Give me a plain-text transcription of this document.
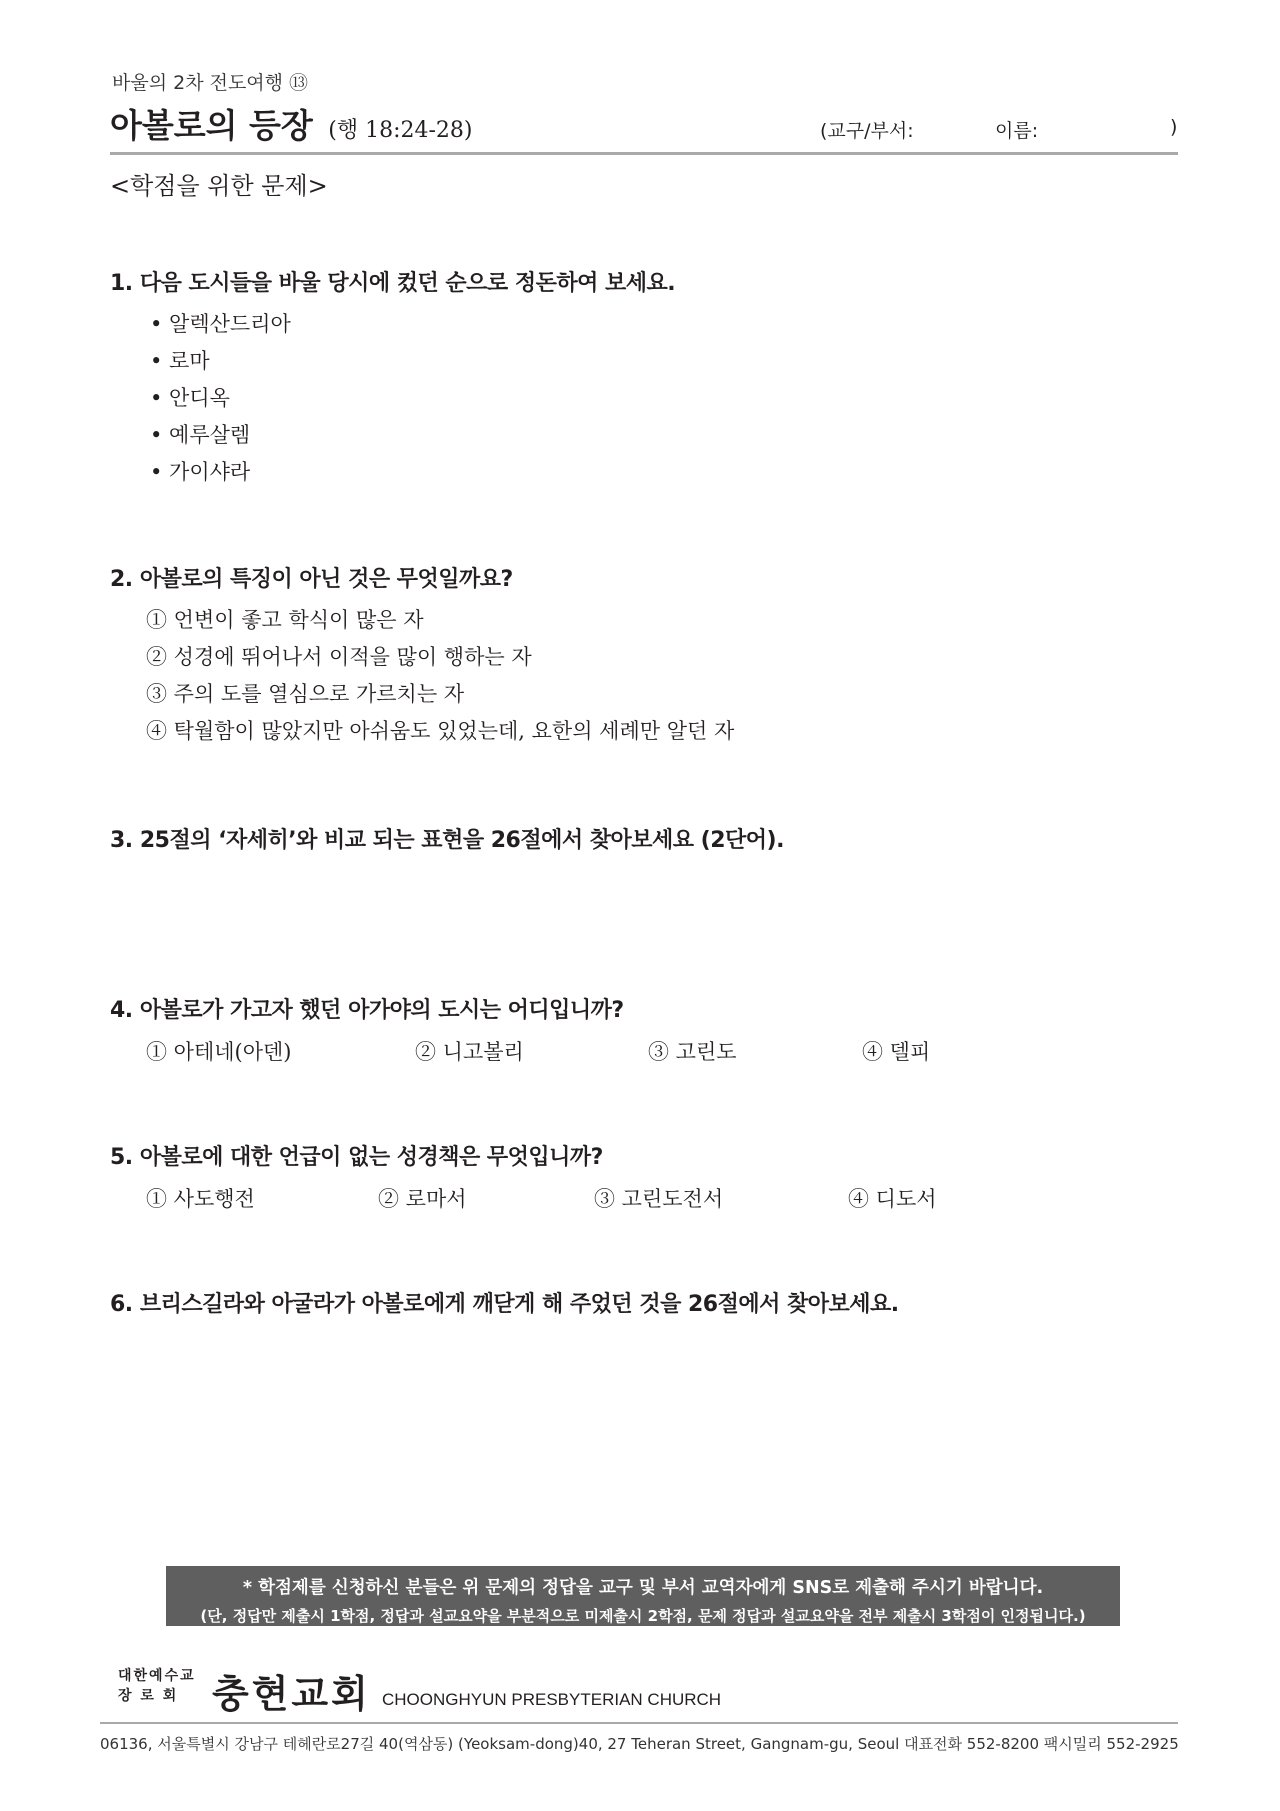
바울의 2차 전도여행 ⑬
아볼로의 등장 (행 18:24-28)	(교구/부서:	이름:	)
<학점을 위한 문제>
1. 다음 도시들을 바울 당시에 컸던 순으로 정돈하여 보세요.
• 알렉산드리아
• 로마
• 안디옥
• 예루살렘
• 가이샤라
2. 아볼로의 특징이 아닌 것은 무엇일까요?
① 언변이 좋고 학식이 많은 자
② 성경에 뛰어나서 이적을 많이 행하는 자
③ 주의 도를 열심으로 가르치는 자
④ 탁월함이 많았지만 아쉬움도 있었는데, 요한의 세례만 알던 자
3. 25절의 ‘자세히’와 비교 되는 표현을 26절에서 찾아보세요 (2단어).
4. 아볼로가 가고자 했던 아가야의 도시는 어디입니까?
① 아테네(아덴)	② 니고볼리	③ 고린도	④ 델피
5. 아볼로에 대한 언급이 없는 성경책은 무엇입니까?
① 사도행전	② 로마서	③ 고린도전서	④ 디도서
6. 브리스길라와 아굴라가 아볼로에게 깨닫게 해 주었던 것을 26절에서 찾아보세요.
* 학점제를 신청하신 분들은 위 문제의 정답을 교구 및 부서 교역자에게 SNS로 제출해 주시기 바랍니다.
(단, 정답만 제출시 1학점, 정답과 설교요약을 부분적으로 미제출시 2학점, 문제 정답과 설교요약을 전부 제출시 3학점이 인정됩니다.)
대한예수교
장 로 회 충현교회 CHOONGHYUN PRESBYTERIAN CHURCH
06136, 서울특별시 강남구 테헤란로27길 40(역삼동) (Yeoksam-dong)40, 27 Teheran Street, Gangnam-gu, Seoul 대표전화 552-8200 팩시밀리 552-2925
